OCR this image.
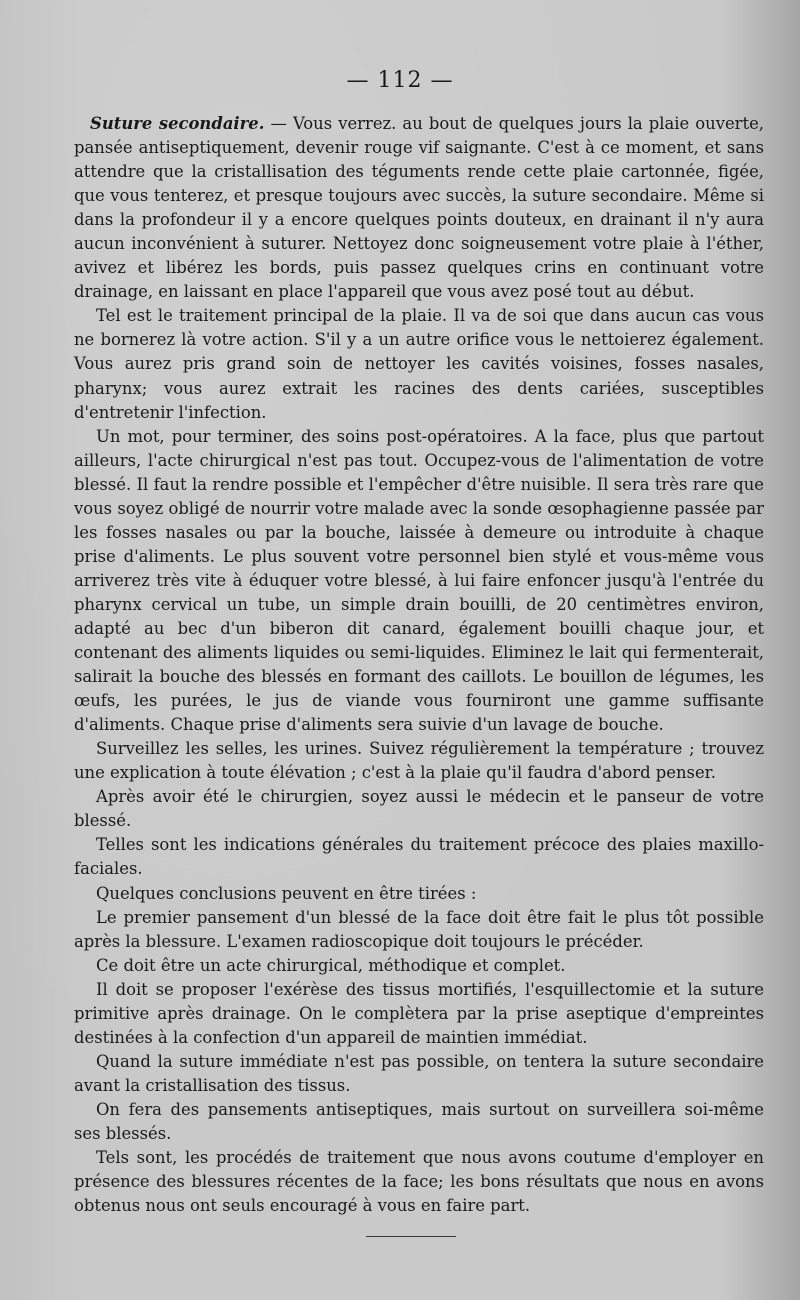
— 112 —

Suture secondaire. — Vous verrez. au bout de quelques jours la plaie ouverte, pansée antiseptiquement, devenir rouge vif saignante. C'est à ce moment, et sans attendre que la cristallisation des téguments rende cette plaie cartonnée, figée, que vous tenterez, et presque toujours avec succès, la suture secondaire. Même si dans la profondeur il y a encore quelques points douteux, en drainant il n'y aura aucun inconvénient à suturer. Nettoyez donc soigneusement votre plaie à l'éther, avivez et libérez les bords, puis passez quelques crins en continuant votre drainage, en laissant en place l'appareil que vous avez posé tout au début.

Tel est le traitement principal de la plaie. Il va de soi que dans aucun cas vous ne bornerez là votre action. S'il y a un autre orifice vous le nettoierez également. Vous aurez pris grand soin de nettoyer les cavités voisines, fosses nasales, pharynx; vous aurez extrait les racines des dents cariées, susceptibles d'entretenir l'infection.

Un mot, pour terminer, des soins post-opératoires. A la face, plus que partout ailleurs, l'acte chirurgical n'est pas tout. Occupez-vous de l'alimentation de votre blessé. Il faut la rendre possible et l'empêcher d'être nuisible. Il sera très rare que vous soyez obligé de nourrir votre malade avec la sonde œsophagienne passée par les fosses nasales ou par la bouche, laissée à demeure ou introduite à chaque prise d'aliments. Le plus souvent votre personnel bien stylé et vous-même vous arriverez très vite à éduquer votre blessé, à lui faire enfoncer jusqu'à l'entrée du pharynx cervical un tube, un simple drain bouilli, de 20 centimètres environ, adapté au bec d'un biberon dit canard, également bouilli chaque jour, et contenant des aliments liquides ou semi-liquides. Eliminez le lait qui fermenterait, salirait la bouche des blessés en formant des caillots. Le bouillon de légumes, les œufs, les purées, le jus de viande vous fourniront une gamme suffisante d'aliments. Chaque prise d'aliments sera suivie d'un lavage de bouche.

Surveillez les selles, les urines. Suivez régulièrement la température ; trouvez une explication à toute élévation ; c'est à la plaie qu'il faudra d'abord penser.

Après avoir été le chirurgien, soyez aussi le médecin et le panseur de votre blessé.

Telles sont les indications générales du traitement précoce des plaies maxillo-faciales.

Quelques conclusions peuvent en être tirées :

Le premier pansement d'un blessé de la face doit être fait le plus tôt possible après la blessure. L'examen radioscopique doit toujours le précéder.

Ce doit être un acte chirurgical, méthodique et complet.

Il doit se proposer l'exérèse des tissus mortifiés, l'esquillectomie et la suture primitive après drainage. On le complètera par la prise aseptique d'empreintes destinées à la confection d'un appareil de maintien immédiat.

Quand la suture immédiate n'est pas possible, on tentera la suture secondaire avant la cristallisation des tissus.

On fera des pansements antiseptiques, mais surtout on surveillera soi-même ses blessés.

Tels sont, les procédés de traitement que nous avons coutume d'employer en présence des blessures récentes de la face; les bons résultats que nous en avons obtenus nous ont seuls encouragé à vous en faire part.
